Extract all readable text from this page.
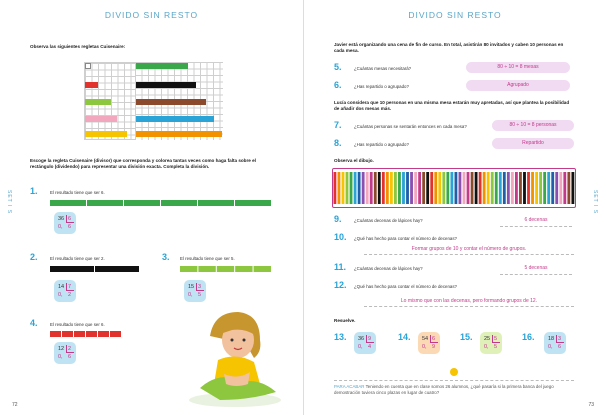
DIVIDO SIN RESTO
Observa las siguientes regletas Cuisenaire:
Escoge la regleta Cuisenaire (divisor) que corresponda y colorea tantas veces como haga falta sobre el rectángulo (dividendo) para representar una división exacta. Completa la división.
1.	El resultado tiene que ser 6.
36 6
0, 6
2.	El resultado tiene que ser 2.
14 7
0, 2
3. El resultado tiene que ser 5.
15 3
0, 5
4.	El resultado tiene que ser 6.
12 2
0, 6
SET I S
72
DIVIDO SIN RESTO
Javier está organizando una cena de fin de curso. En total, asistirán 80 invitados y caben 10 personas en cada mesa.
5.	¿Cuántas mesas necesitará?	80 ÷ 10 = 8 mesas
6.	¿Has repartido o agrupado?	Agrupado
Lucía considera que 10 personas en una misma mesa estarán muy apretadas, así que plantea la posibilidad de añadir dos mesas más.
7.	¿Cuántas personas se sentarán entonces en cada mesa?	80 ÷ 10 = 8 personas
8.	¿Has repartido o agrupado?	Repartido
Observa el dibujo.
9.	¿Cuántas decenas de lápices hay?	6 decenas
10. ¿Qué has hecho para contar el número de decenas?
Formar grupos de 10 y contar el número de grupos.
11. ¿Cuántas decenas de lápices hay?	5 decenas
12. ¿Qué has hecho para contar el número de decenas?
Lo mismo que con las decenas, pero formando grupos de 12.
Resuelve.
13. 36 9
0, 4
14. 54 6
0, 9
15. 25 5
0, 5
16. 18 3
0, 6
PARA ACABAR Teniendo en cuenta que en clase somos 26 alumnos, ¿qué pasaría si la primera banca del juego demostración tuviera cinco plazas en lugar de cuatro?
SET I S
73
